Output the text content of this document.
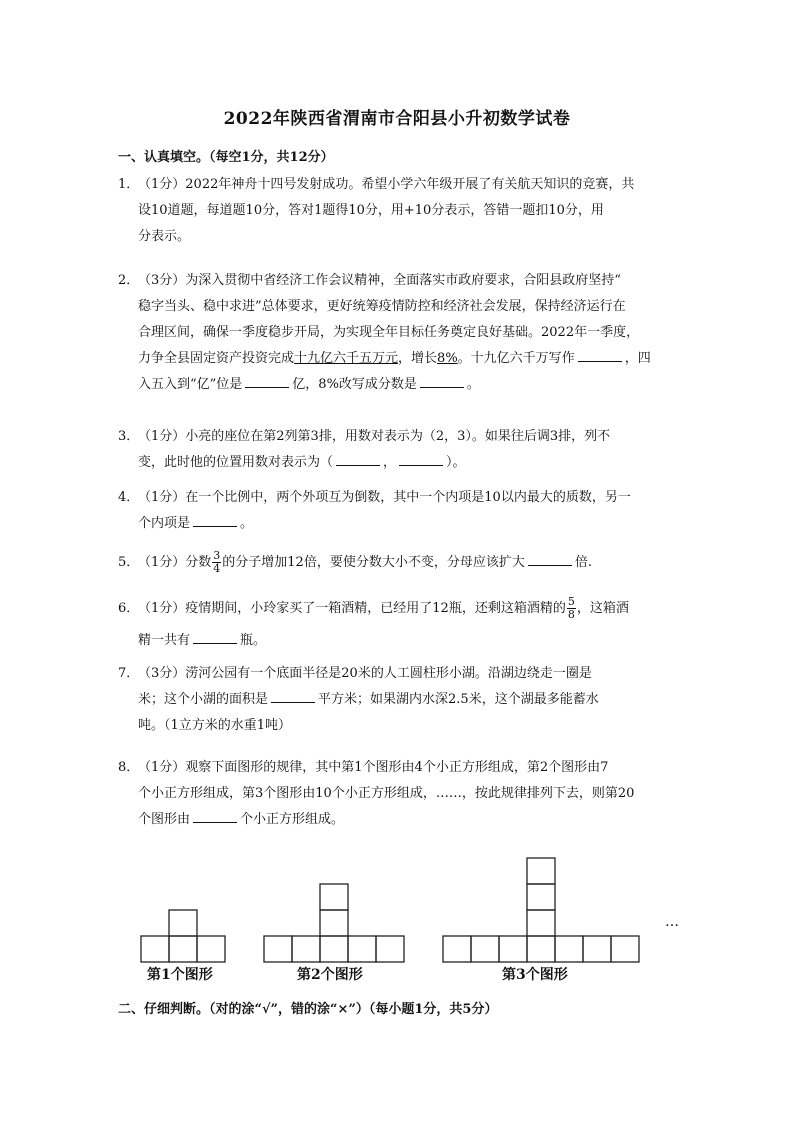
2022年陕西省渭南市合阳县小升初数学试卷
一、认真填空。（每空1分，共12分）
1．（1分）2022年神舟十四号发射成功。希望小学六年级开展了有关航天知识的竞赛，共
设10道题，每道题10分，答对1题得10分，用+10分表示，答错一题扣10分，用
分表示。
2．（3分）为深入贯彻中省经济工作会议精神，全面落实市政府要求，合阳县政府坚持“
稳字当头、稳中求进”总体要求，更好统筹疫情防控和经济社会发展，保持经济运行在
合理区间，确保一季度稳步开局，为实现全年目标任务奠定良好基础。2022年一季度，
力争全县固定资产投资完成十九亿六千五万元，增长8%。十九亿六千万写作	，四
入五入到“亿”位是	亿，8%改写成分数是	。
3．（1分）小亮的座位在第2列第3排，用数对表示为（2，3）。如果往后调3排，列不
变，此时他的位置用数对表示为（	，	）。
4．（1分）在一个比例中，两个外项互为倒数，其中一个内项是10以内最大的质数，另一
个内项是	。
5．（1分）分数 $\frac{3}{4}$ 的分子增加12倍，要使分数大小不变，分母应该扩大	倍.
6．（1分）疫情期间，小玲家买了一箱酒精，已经用了12瓶，还剩这箱酒精的 $\frac{5}{8}$ ，这箱酒
精一共有	瓶。
7．（3分）涝河公园有一个底面半径是20米的人工圆柱形小湖。沿湖边绕走一圈是
米；这个小湖的面积是	平方米；如果湖内水深2.5米，这个湖最多能蓄水
吨。（1立方米的水重1吨）
8．（1分）观察下面图形的规律，其中第1个图形由4个小正方形组成，第2个图形由7
个小正方形组成，第3个图形由10个小正方形组成，……，按此规律排列下去，则第20
个图形由	个小正方形组成。
第1个图形	第2个图形	第3个图形
…
二、仔细判断。（对的涂“√”，错的涂“×”）（每小题1分，共5分）
